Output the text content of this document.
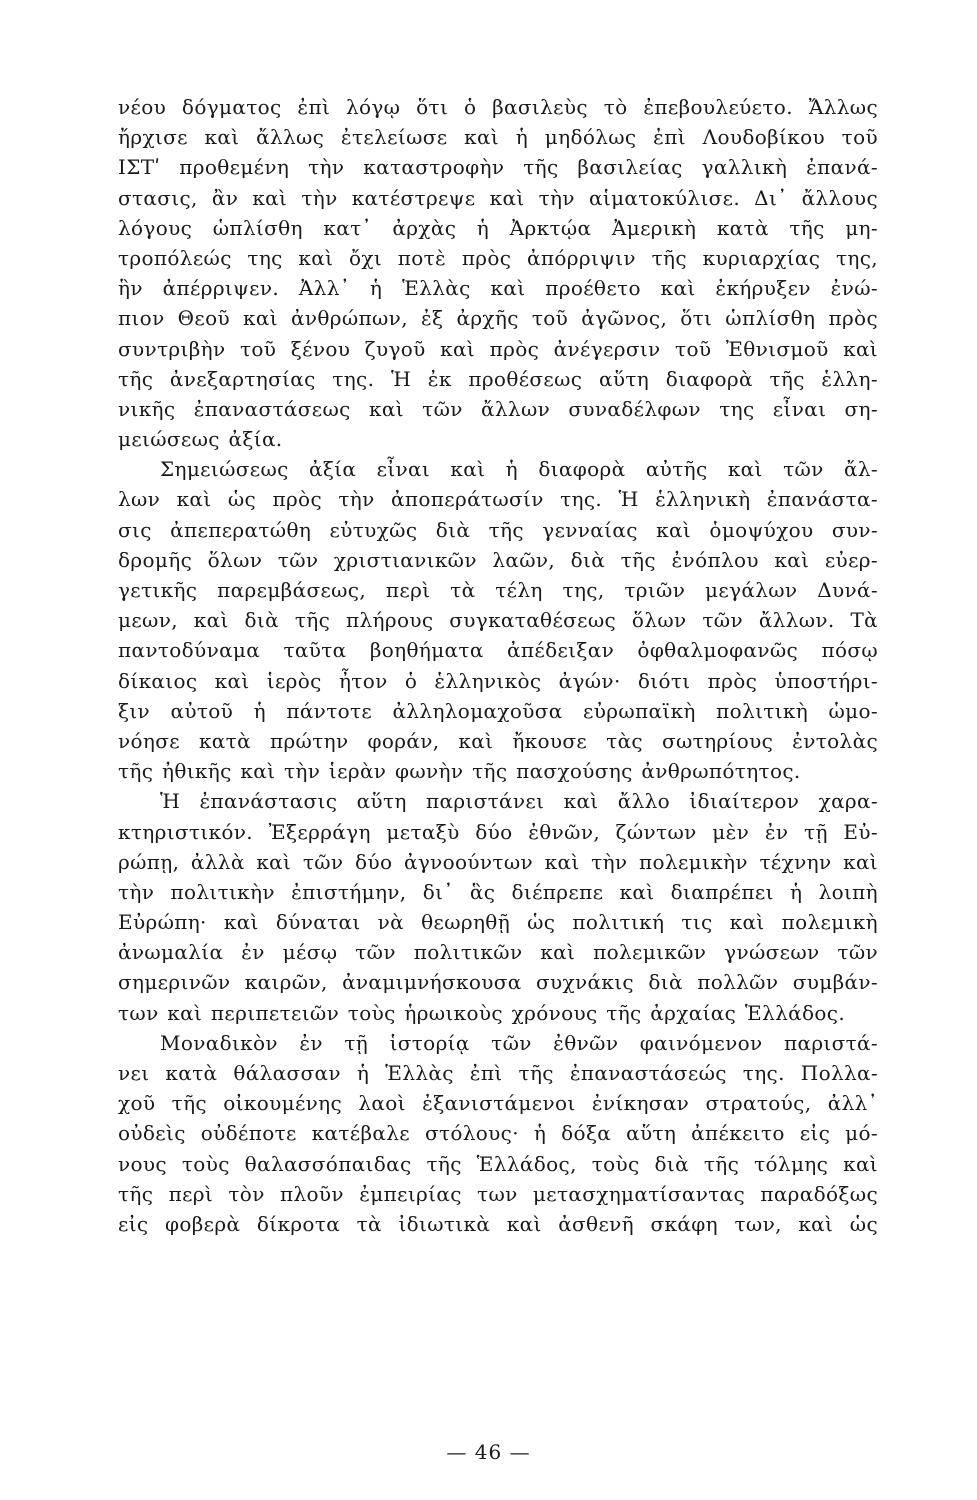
νέου δόγματος ἐπὶ λόγῳ ὅτι ὁ βασιλεὺς τὸ ἐπεβουλεύετο. Ἄλλως
ἤρχισε καὶ ἄλλως ἐτελείωσε καὶ ἡ μηδόλως ἐπὶ Λουδοβίκου τοῦ
ΙΣΤʹ προθεμένη τὴν καταστροφὴν τῆς βασιλείας γαλλικὴ ἐπανά-
στασις, ἂν καὶ τὴν κατέστρεψε καὶ τὴν αἱματοκύλισε. Δι᾽ ἄλλους
λόγους ὡπλίσθη κατ᾽ ἀρχὰς ἡ Ἀρκτῴα Ἀμερικὴ κατὰ τῆς μη-
τροπόλεώς της καὶ ὄχι ποτὲ πρὸς ἀπόρριψιν τῆς κυριαρχίας της,
ἣν ἀπέρριψεν. Ἀλλ᾽ ἡ Ἑλλὰς καὶ προέθετο καὶ ἐκήρυξεν ἐνώ-
πιον Θεοῦ καὶ ἀνθρώπων, ἐξ ἀρχῆς τοῦ ἀγῶνος, ὅτι ὡπλίσθη πρὸς
συντριβὴν τοῦ ξένου ζυγοῦ καὶ πρὸς ἀνέγερσιν τοῦ Ἐθνισμοῦ καὶ
τῆς ἀνεξαρτησίας της. Ἡ ἐκ προθέσεως αὕτη διαφορὰ τῆς ἑλλη-
νικῆς ἐπαναστάσεως καὶ τῶν ἄλλων συναδέλφων της εἶναι ση-
μειώσεως ἀξία.
Σημειώσεως ἀξία εἶναι καὶ ἡ διαφορὰ αὐτῆς καὶ τῶν ἄλ-
λων καὶ ὡς πρὸς τὴν ἀποπεράτωσίν της. Ἡ ἑλληνικὴ ἐπανάστα-
σις ἀπεπερατώθη εὐτυχῶς διὰ τῆς γενναίας καὶ ὁμοψύχου συν-
δρομῆς ὅλων τῶν χριστιανικῶν λαῶν, διὰ τῆς ἐνόπλου καὶ εὐερ-
γετικῆς παρεμβάσεως, περὶ τὰ τέλη της, τριῶν μεγάλων Δυνά-
μεων, καὶ διὰ τῆς πλήρους συγκαταθέσεως ὅλων τῶν ἄλλων. Τὰ
παντοδύναμα ταῦτα βοηθήματα ἀπέδειξαν ὀφθαλμοφανῶς πόσῳ
δίκαιος καὶ ἱερὸς ἦτον ὁ ἑλληνικὸς ἀγών· διότι πρὸς ὑποστήρι-
ξιν αὐτοῦ ἡ πάντοτε ἀλληλομαχοῦσα εὐρωπαϊκὴ πολιτικὴ ὡμο-
νόησε κατὰ πρώτην φοράν, καὶ ἤκουσε τὰς σωτηρίους ἐντολὰς
τῆς ἠθικῆς καὶ τὴν ἱερὰν φωνὴν τῆς πασχούσης ἀνθρωπότητος.
Ἡ ἐπανάστασις αὕτη παριστάνει καὶ ἄλλο ἰδιαίτερον χαρα-
κτηριστικόν. Ἐξερράγη μεταξὺ δύο ἐθνῶν, ζώντων μὲν ἐν τῇ Εὐ-
ρώπῃ, ἀλλὰ καὶ τῶν δύο ἀγνοούντων καὶ τὴν πολεμικὴν τέχνην καὶ
τὴν πολιτικὴν ἐπιστήμην, δι᾽ ἃς διέπρεπε καὶ διαπρέπει ἡ λοιπὴ
Εὐρώπη· καὶ δύναται νὰ θεωρηθῇ ὡς πολιτική τις καὶ πολεμικὴ
ἀνωμαλία ἐν μέσῳ τῶν πολιτικῶν καὶ πολεμικῶν γνώσεων τῶν
σημερινῶν καιρῶν, ἀναμιμνήσκουσα συχνάκις διὰ πολλῶν συμβάν-
των καὶ περιπετειῶν τοὺς ἡρωικοὺς χρόνους τῆς ἀρχαίας Ἑλλάδος.
Μοναδικὸν ἐν τῇ ἱστορίᾳ τῶν ἐθνῶν φαινόμενον παριστά-
νει κατὰ θάλασσαν ἡ Ἑλλὰς ἐπὶ τῆς ἐπαναστάσεώς της. Πολλα-
χοῦ τῆς οἰκουμένης λαοὶ ἐξανιστάμενοι ἐνίκησαν στρατούς, ἀλλ᾽
οὐδεὶς οὐδέποτε κατέβαλε στόλους· ἡ δόξα αὕτη ἀπέκειτο εἰς μό-
νους τοὺς θαλασσόπαιδας τῆς Ἑλλάδος, τοὺς διὰ τῆς τόλμης καὶ
τῆς περὶ τὸν πλοῦν ἐμπειρίας των μετασχηματίσαντας παραδόξως
εἰς φοβερὰ δίκροτα τὰ ἰδιωτικὰ καὶ ἀσθενῆ σκάφη των, καὶ ὡς
— 46 —
